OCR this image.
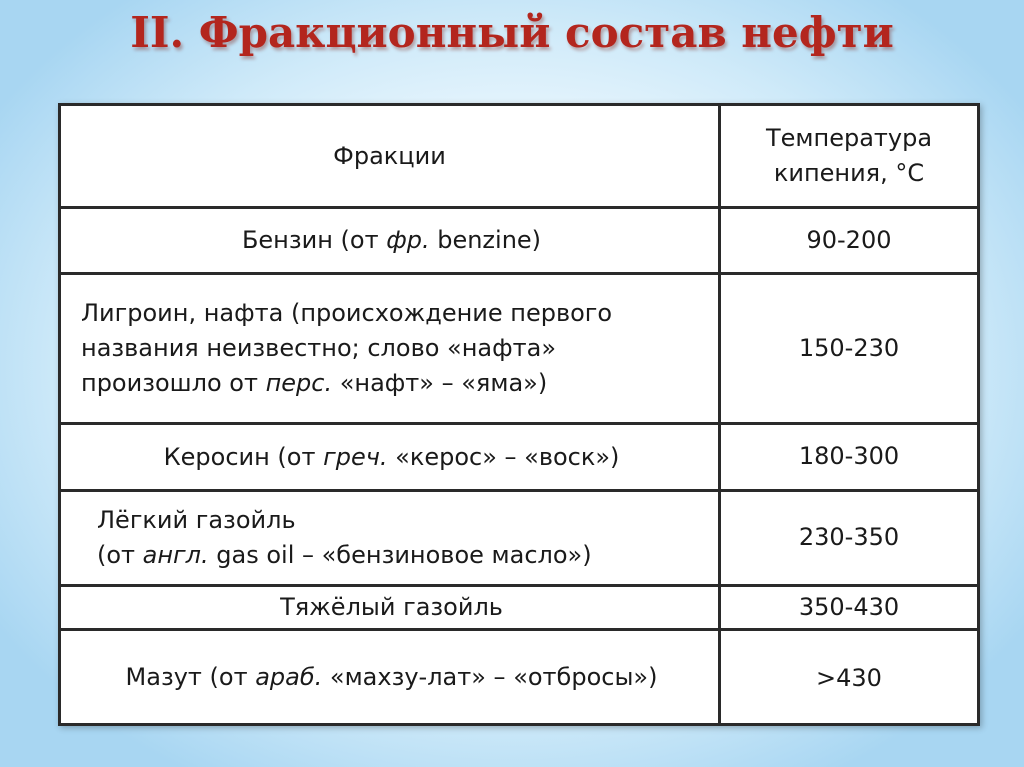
II. Фракционный состав нефти
Фракции	Температура
кипения, °C

Бензин (от фр. benzine)	90-200

Лигроин, нафта (происхождение первого
названия неизвестно; слово «нафта»
произошло от перс. «нафт» – «яма»)	150-230
Керосин (от греч. «керос» – «воск»)	180-300

Лёгкий газойль
(от англ. gas oil – «бензиновое масло»)	230-350
Тяжёлый газойль	350-430
Мазут (от араб. «махзу-лат» – «отбросы»)	>430
